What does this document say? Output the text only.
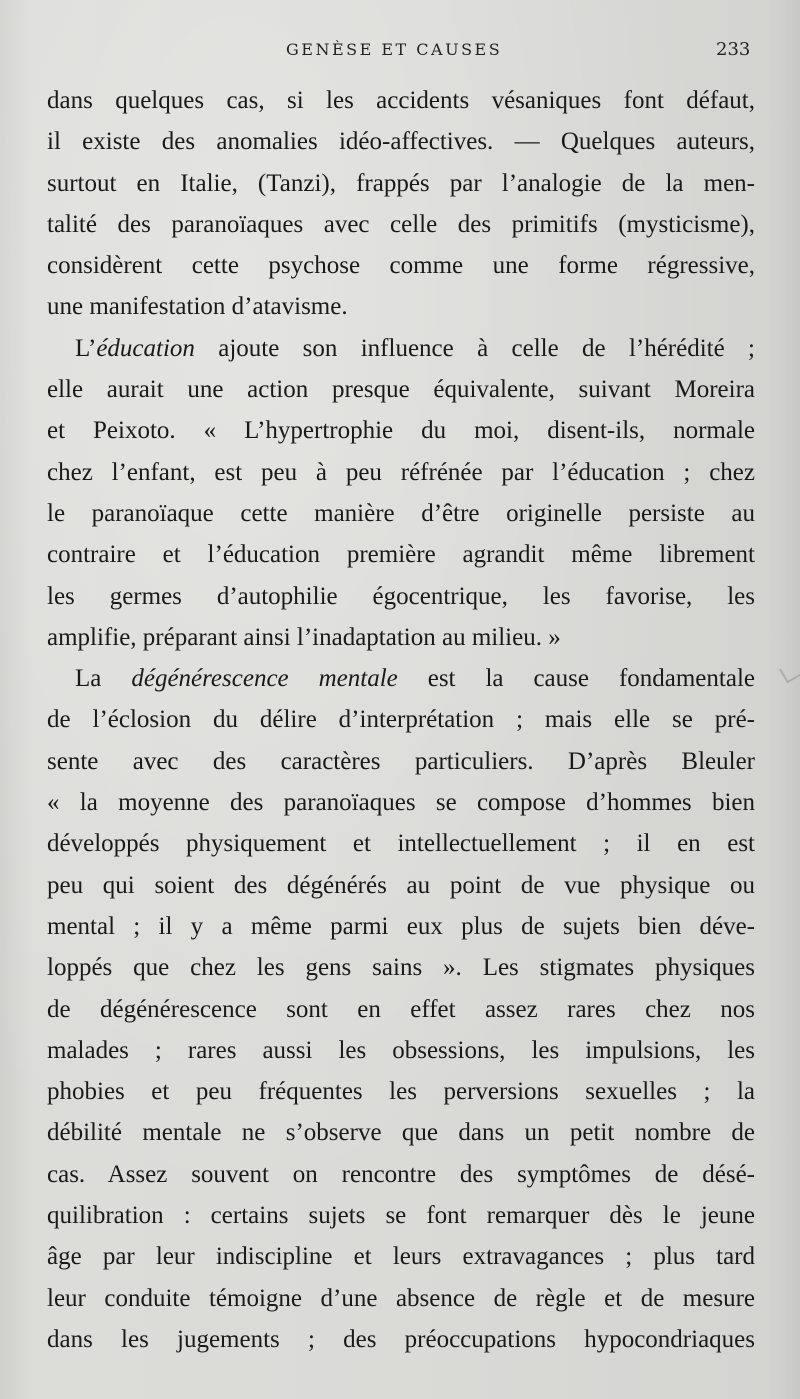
GENÈSE ET CAUSES	233
dans quelques cas, si les accidents vésaniques font défaut,
il existe des anomalies idéo-affectives. — Quelques auteurs,
surtout en Italie, (Tanzi), frappés par l’analogie de la men-
talité des paranoïaques avec celle des primitifs (mysticisme),
considèrent cette psychose comme une forme régressive,
une manifestation d’atavisme.
L’éducation ajoute son influence à celle de l’hérédité ;
elle aurait une action presque équivalente, suivant Moreira
et Peixoto. « L’hypertrophie du moi, disent-ils, normale
chez l’enfant, est peu à peu réfrénée par l’éducation ; chez
le paranoïaque cette manière d’être originelle persiste au
contraire et l’éducation première agrandit même librement
les germes d’autophilie égocentrique, les favorise, les
amplifie, préparant ainsi l’inadaptation au milieu. »
La dégénérescence mentale est la cause fondamentale
de l’éclosion du délire d’interprétation ; mais elle se pré-
sente avec des caractères particuliers. D’après Bleuler
« la moyenne des paranoïaques se compose d’hommes bien
développés physiquement et intellectuellement ; il en est
peu qui soient des dégénérés au point de vue physique ou
mental ; il y a même parmi eux plus de sujets bien déve-
loppés que chez les gens sains ». Les stigmates physiques
de dégénérescence sont en effet assez rares chez nos
malades ; rares aussi les obsessions, les impulsions, les
phobies et peu fréquentes les perversions sexuelles ; la
débilité mentale ne s’observe que dans un petit nombre de
cas. Assez souvent on rencontre des symptômes de désé-
quilibration : certains sujets se font remarquer dès le jeune
âge par leur indiscipline et leurs extravagances ; plus tard
leur conduite témoigne d’une absence de règle et de mesure
dans les jugements ; des préoccupations hypocondriaques
